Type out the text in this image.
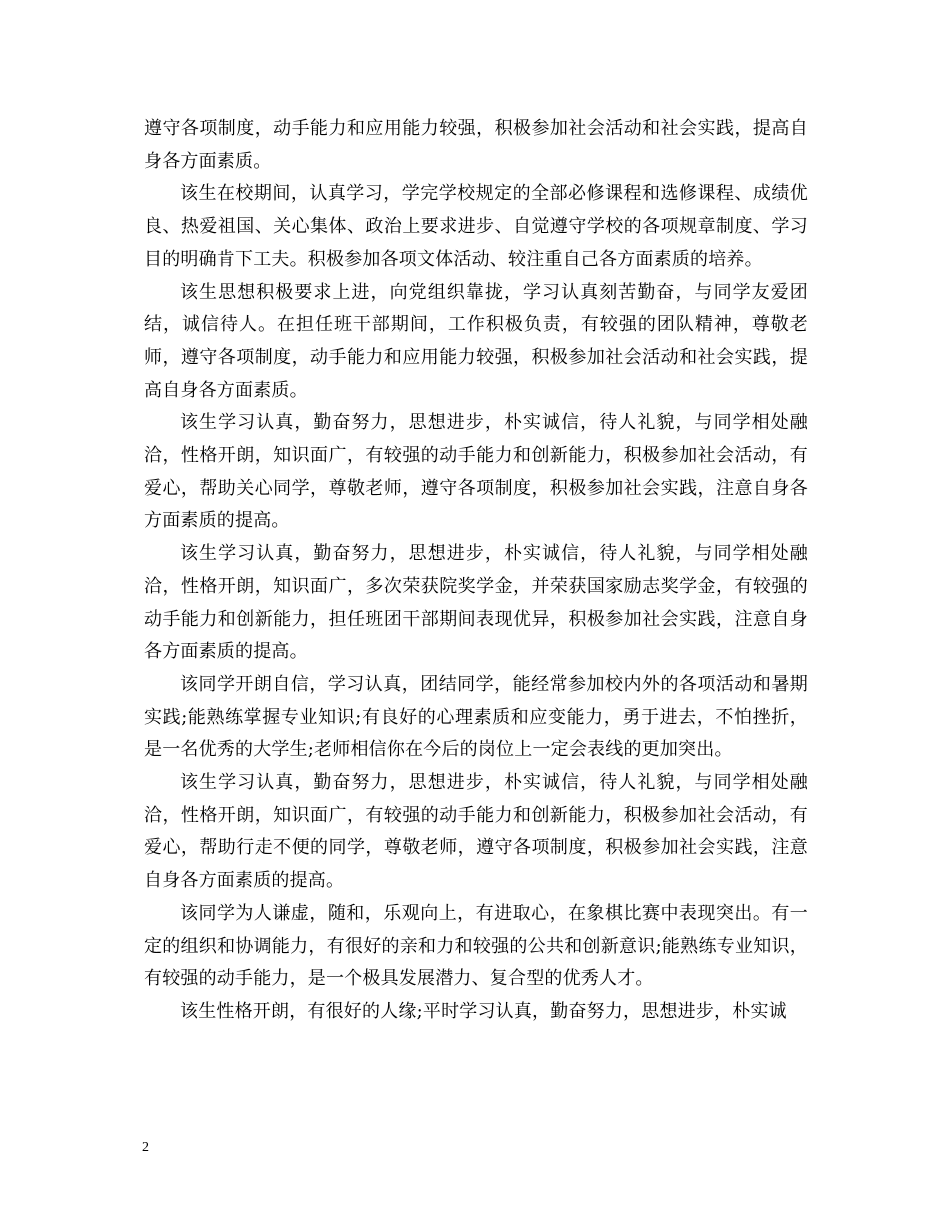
遵守各项制度，动手能力和应用能力较强，积极参加社会活动和社会实践，提高自身各方面素质。

该生在校期间，认真学习，学完学校规定的全部必修课程和选修课程、成绩优良、热爱祖国、关心集体、政治上要求进步、自觉遵守学校的各项规章制度、学习目的明确肯下工夫。积极参加各项文体活动、较注重自己各方面素质的培养。

该生思想积极要求上进，向党组织靠拢，学习认真刻苦勤奋，与同学友爱团结，诚信待人。在担任班干部期间，工作积极负责，有较强的团队精神，尊敬老师，遵守各项制度，动手能力和应用能力较强，积极参加社会活动和社会实践，提高自身各方面素质。

该生学习认真，勤奋努力，思想进步，朴实诚信，待人礼貌，与同学相处融洽，性格开朗，知识面广，有较强的动手能力和创新能力，积极参加社会活动，有爱心，帮助关心同学，尊敬老师，遵守各项制度，积极参加社会实践，注意自身各方面素质的提高。

该生学习认真，勤奋努力，思想进步，朴实诚信，待人礼貌，与同学相处融洽，性格开朗，知识面广，多次荣获院奖学金，并荣获国家励志奖学金，有较强的动手能力和创新能力，担任班团干部期间表现优异，积极参加社会实践，注意自身各方面素质的提高。

该同学开朗自信，学习认真，团结同学，能经常参加校内外的各项活动和暑期实践;能熟练掌握专业知识;有良好的心理素质和应变能力，勇于进去，不怕挫折，是一名优秀的大学生;老师相信你在今后的岗位上一定会表线的更加突出。

该生学习认真，勤奋努力，思想进步，朴实诚信，待人礼貌，与同学相处融洽，性格开朗，知识面广，有较强的动手能力和创新能力，积极参加社会活动，有爱心，帮助行走不便的同学，尊敬老师，遵守各项制度，积极参加社会实践，注意自身各方面素质的提高。

该同学为人谦虚，随和，乐观向上，有进取心，在象棋比赛中表现突出。有一定的组织和协调能力，有很好的亲和力和较强的公共和创新意识;能熟练专业知识，有较强的动手能力，是一个极具发展潜力、复合型的优秀人才。

该生性格开朗，有很好的人缘;平时学习认真，勤奋努力，思想进步，朴实诚

2
